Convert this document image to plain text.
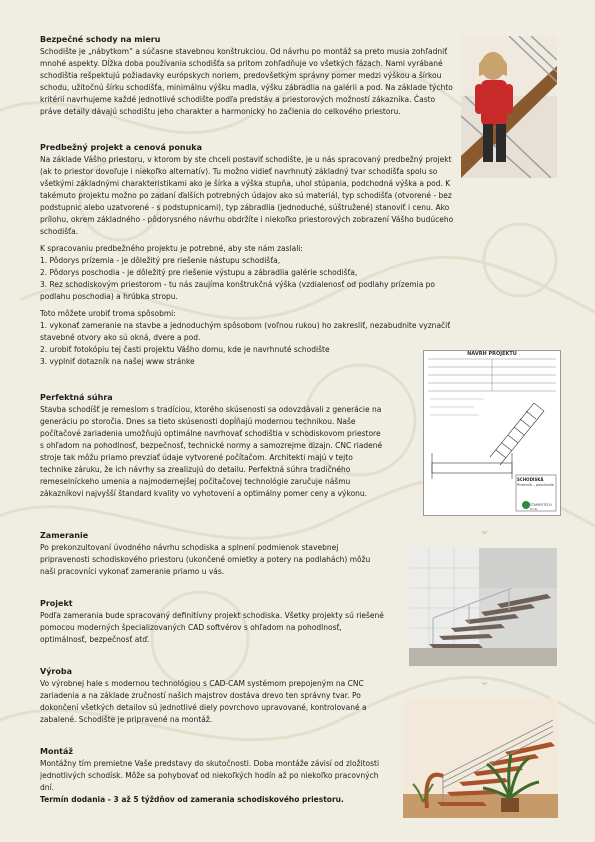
Bezpečné schody na mieru

Schodište je „nábytkom“ a súčasne stavebnou konštrukciou. Od návrhu po montáž sa preto musia zohľadniť mnohé aspekty. Dĺžka doba používania schodišťa sa pritom zohľadňuje vo všetkých fázach. Nami vyrábané schodištia rešpektujú požiadavky európskych noriem, predovšetkým správny pomer medzi výškou a šírkou schodu, užitočnú šírku schodišťa, minimálnu výšku madla, výšku zábradlia na galérii a pod. Na základe týchto kritérií navrhujeme každé jednotlivé schodište podľa predstáv a priestorových možností zákazníka. Často práve detaily dávajú schodištu jeho charakter a harmonicky ho začlenia do celkového priestoru.

Predbežný projekt a cenová ponuka

Na základe Vášho priestoru, v ktorom by ste chceli postaviť schodište, je u nás spracovaný predbežný projekt (ak to priestor dovoľuje i niekoľko alternatív). Tu možno vidieť navrhnutý základný tvar schodišťa spolu so všetkými základnými charakteristikami ako je šírka a výška stupňa, uhol stúpania, podchodná výška a pod. K takémuto projektu možno po zadaní ďalších potrebných údajov ako sú materiál, typ schodišťa (otvorené - bez podstupnic alebo uzatvorené - s podstupnicami), typ zábradlia (jednoduché, súštružené) stanoviť i cenu. Ako prílohu, okrem základného - pôdorysného návrhu obdržíte i niekoľko priestorových zobrazení Vášho budúceho schodišťa.

K spracovaniu predbežného projektu je potrebné, aby ste nám zaslali:

1. Pôdorys prízemia - je dôležitý pre riešenie nástupu schodišťa,

2. Pôdorys poschodia - je dôležitý pre riešenie výstupu a zábradlia galérie schodišťa,

3. Rez schodiskovým priestorom - tu nás zaujíma konštrukčná výška (vzdialenosť od podlahy prízemia po podlahu poschodia) a hrúbka stropu.

Toto môžete urobiť troma spôsobmi:

1. vykonať zameranie na stavbe a jednoduchým spôsobom (voľnou rukou) ho zakresliť, nezabudnite vyznačiť stavebné otvory ako sú okná, dvere a pod.

2. urobiť fotokópiu tej časti projektu Vášho domu, kde je navrhnuté schodište

3. vyplniť dotazník na našej www stránke

Perfektná súhra

Stavba schodíšť je remeslom s tradíciou, ktorého skúsenosti sa odovzdávali z generácie na generáciu po storočia. Dnes sa tieto skúsenosti dopĺňajú modernou technikou. Naše počítačové zariadenia umožňujú optimálne navrhovať schodištia v schodiskovom priestore s ohľadom na pohodlnosť, bezpečnosť, technické normy a samozrejme dizajn. CNC riadené stroje tak môžu priamo prevziať údaje vytvorené počítačom. Architekti majú v tejto technike záruku, že ich návrhy sa zrealizujú do detailu. Perfektná súhra tradičného remeselníckeho umenia a najmodernejšej počítačovej technológie zaručuje nášmu zákazníkovi najvyšší štandard kvality vo vyhotovení a optimálny pomer ceny a výkonu.

Zameranie

Po prekonzultovaní úvodného návrhu schodiska a splnení podmienok stavebnej pripravenosti schodiskového priestoru (ukončené omietky a potery na podlahách) môžu naši pracovníci vykonať zameranie priamo u vás.

Projekt

Podľa zamerania bude spracovaný definitívny projekt schodiska. Všetky projekty sú riešené pomocou moderných špecializovaných CAD softvérov s ohľadom na pohodlnosť, optimálnosť, bezpečnosť atď.

Výroba

Vo výrobnej hale s modernou technológiou s CAD-CAM systémom prepojeným na CNC zariadenia a na základe zručností našich majstrov dostáva drevo ten správny tvar. Po dokončení všetkých detailov sú jednotlivé diely povrchovo upravované, kontrolované a zabalené. Schodište je pripravené na montáž.

Montáž

Montážny tím premietne Vaše predstavy do skutočnosti. Doba montáže závisí od zložitosti jednotlivých schodísk. Môže sa pohybovať od niekoľkých hodín až po niekoľko pracovných dní.

Termín dodania - 3 až 5 týždňov od zamerania schodiskového priestoru.

NÁVRH PROJEKTU
SCHODISKÁ
Prízemie – poschodie
ŠTAMPOTECH s.r.o.
⌄
⌄
